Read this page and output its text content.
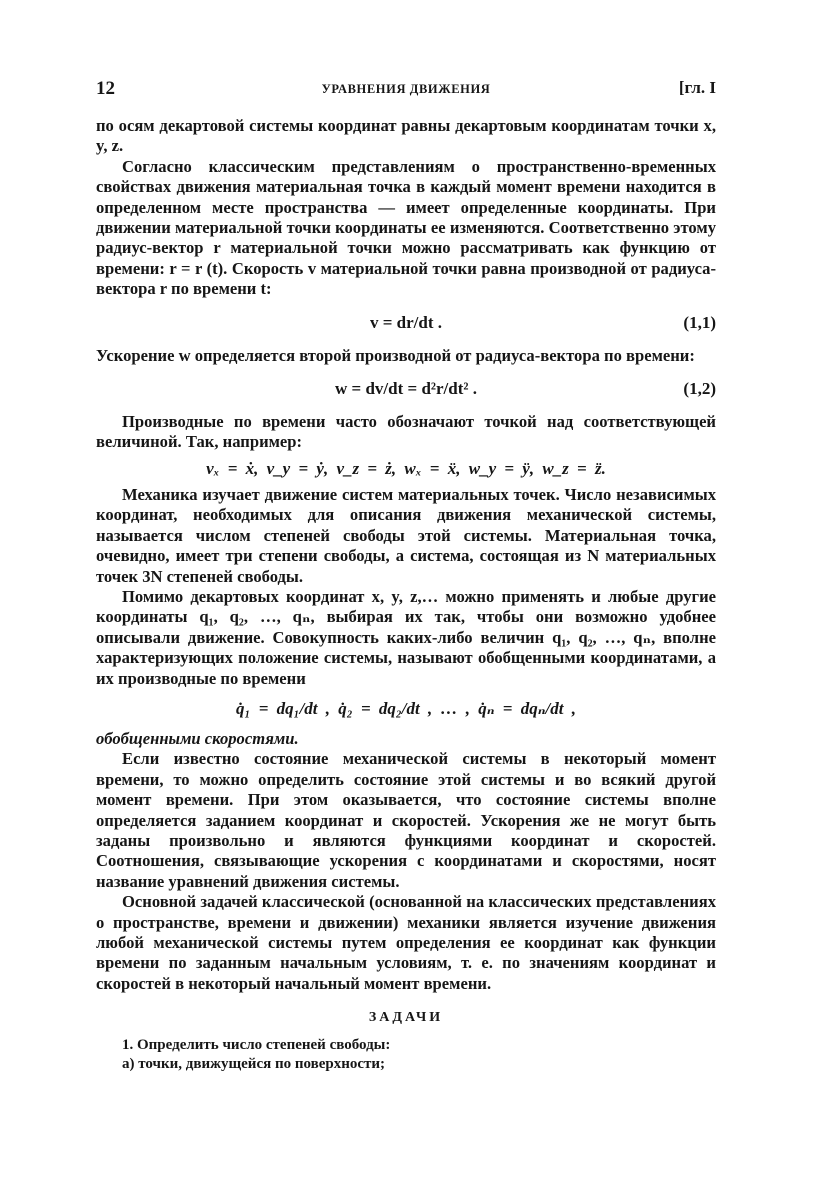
12	УРАВНЕНИЯ ДВИЖЕНИЯ	[гл. I

по осям декартовой системы координат равны декартовым координатам точки x, y, z.

Согласно классическим представлениям о пространственно-временных свойствах движения материальная точка в каждый момент времени находится в определенном месте пространства — имеет определенные координаты. При движении материальной точки координаты ее изменяются. Соответственно этому радиус-вектор r материальной точки можно рассматривать как функцию от времени: r = r (t). Скорость v материальной точки равна производной от радиуса-вектора r по времени t:

v = dr/dt .	(1,1)

Ускорение w определяется второй производной от радиуса-вектора по времени:

w = dv/dt = d²r/dt² .	(1,2)

Производные по времени часто обозначают точкой над соответствующей величиной. Так, например:

vₓ = ẋ, v_y = ẏ, v_z = ż, wₓ = ẍ, w_y = ÿ, w_z = z̈.

Механика изучает движение систем материальных точек. Число независимых координат, необходимых для описания движения механической системы, называется числом степеней свободы этой системы. Материальная точка, очевидно, имеет три степени свободы, а система, состоящая из N материальных точек 3N степеней свободы.

Помимо декартовых координат x, y, z,… можно применять и любые другие координаты q₁, q₂, …, qₙ, выбирая их так, чтобы они возможно удобнее описывали движение. Совокупность каких-либо величин q₁, q₂, …, qₙ, вполне характеризующих положение системы, называют обобщенными координатами, а их производные по времени

q̇₁ = dq₁/dt , q̇₂ = dq₂/dt , … , q̇ₙ = dqₙ/dt ,

обобщенными скоростями.

Если известно состояние механической системы в некоторый момент времени, то можно определить состояние этой системы и во всякий другой момент времени. При этом оказывается, что состояние системы вполне определяется заданием координат и скоростей. Ускорения же не могут быть заданы произвольно и являются функциями координат и скоростей. Соотношения, связывающие ускорения с координатами и скоростями, носят название уравнений движения системы.

Основной задачей классической (основанной на классических представлениях о пространстве, времени и движении) механики является изучение движения любой механической системы путем определения ее координат как функции времени по заданным начальным условиям, т. е. по значениям координат и скоростей в некоторый начальный момент времени.

ЗАДАЧИ
1. Определить число степеней свободы:
а) точки, движущейся по поверхности;
